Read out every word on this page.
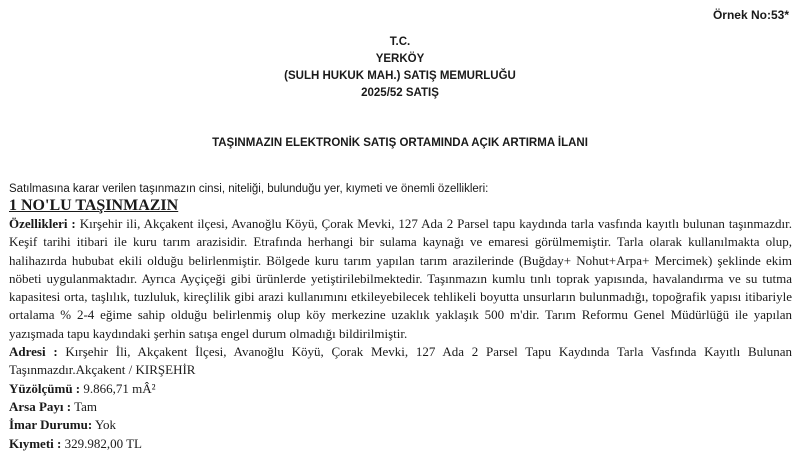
Örnek No:53*
T.C.
YERKÖY
(SULH HUKUK MAH.) SATIŞ MEMURLUĞU
2025/52 SATIŞ
TAŞINMAZIN ELEKTRONİK SATIŞ ORTAMINDA AÇIK ARTIRMA İLANI
Satılmasına karar verilen taşınmazın cinsi, niteliği, bulunduğu yer, kıymeti ve önemli özellikleri:
1 NO'LU TAŞINMAZIN
Özellikleri : Kırşehir ili, Akçakent ilçesi, Avanoğlu Köyü, Çorak Mevki, 127 Ada 2 Parsel tapu kaydında tarla vasfında kayıtlı bulunan taşınmazdır. Keşif tarihi itibari ile kuru tarım arazisidir. Etrafında herhangi bir sulama kaynağı ve emaresi görülmemiştir. Tarla olarak kullanılmakta olup, halihazırda hububat ekili olduğu belirlenmiştir. Bölgede kuru tarım yapılan tarım arazilerinde (Buğday+ Nohut+Arpa+ Mercimek) şeklinde ekim nöbeti uygulanmaktadır. Ayrıca Ayçiçeği gibi ürünlerde yetiştirilebilmektedir. Taşınmazın kumlu tınlı toprak yapısında, havalandırma ve su tutma kapasitesi orta, taşlılık, tuzluluk, kireçlilik gibi arazi kullanımını etkileyebilecek tehlikeli boyutta unsurların bulunmadığı, topoğrafik yapısı itibariyle ortalama % 2-4 eğime sahip olduğu belirlenmiş olup köy merkezine uzaklık yaklaşık 500 m'dir. Tarım Reformu Genel Müdürlüğü ile yapılan yazışmada tapu kaydındaki şerhin satışa engel durum olmadığı bildirilmiştir.
Adresi : Kırşehir İli, Akçakent İlçesi, Avanoğlu Köyü, Çorak Mevki, 127 Ada 2 Parsel Tapu Kaydında Tarla Vasfında Kayıtlı Bulunan Taşınmazdır.Akçakent / KIRŞEHİR
Yüzölçümü : 9.866,71 mÂ²
Arsa Payı : Tam
İmar Durumu: Yok
Kıymeti : 329.982,00 TL
